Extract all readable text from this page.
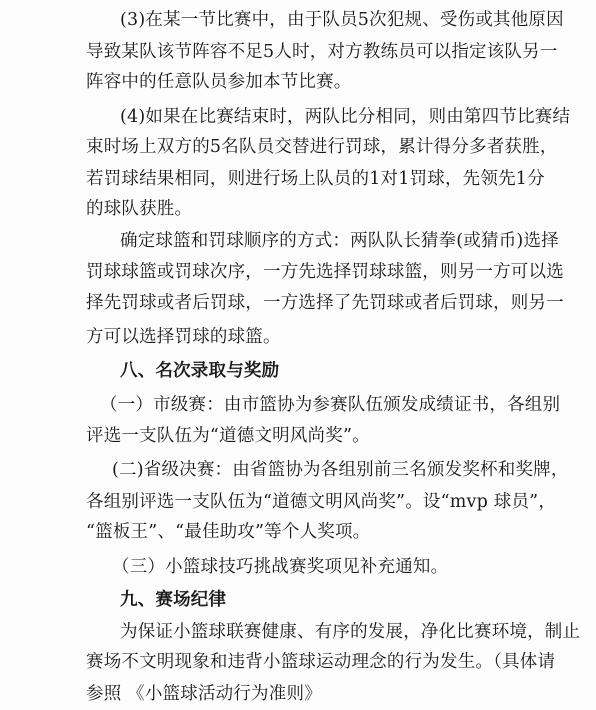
(3)在某一节比赛中，由于队员5次犯规、受伤或其他原因
导致某队该节阵容不足5人时，对方教练员可以指定该队另一
阵容中的任意队员参加本节比赛。
(4)如果在比赛结束时，两队比分相同，则由第四节比赛结
束时场上双方的5名队员交替进行罚球，累计得分多者获胜，
若罚球结果相同，则进行场上队员的1对1罚球，先领先1分
的球队获胜。
确定球篮和罚球顺序的方式：两队队长猜拳(或猜币)选择
罚球球篮或罚球次序，一方先选择罚球球篮，则另一方可以选
择先罚球或者后罚球，一方选择了先罚球或者后罚球，则另一
方可以选择罚球的球篮。
八、名次录取与奖励
（一）市级赛：由市篮协为参赛队伍颁发成绩证书，各组别
评选一支队伍为“道德文明风尚奖”。
(二)省级决赛：由省篮协为各组别前三名颁发奖杯和奖牌，
各组别评选一支队伍为“道德文明风尚奖”。设“mvp 球员”，
“篮板王”、“最佳助攻”等个人奖项。
（三）小篮球技巧挑战赛奖项见补充通知。
九、赛场纪律
为保证小篮球联赛健康、有序的发展，净化比赛环境，制止
赛场不文明现象和违背小篮球运动理念的行为发生。（具体请
参照 《小篮球活动行为准则》
